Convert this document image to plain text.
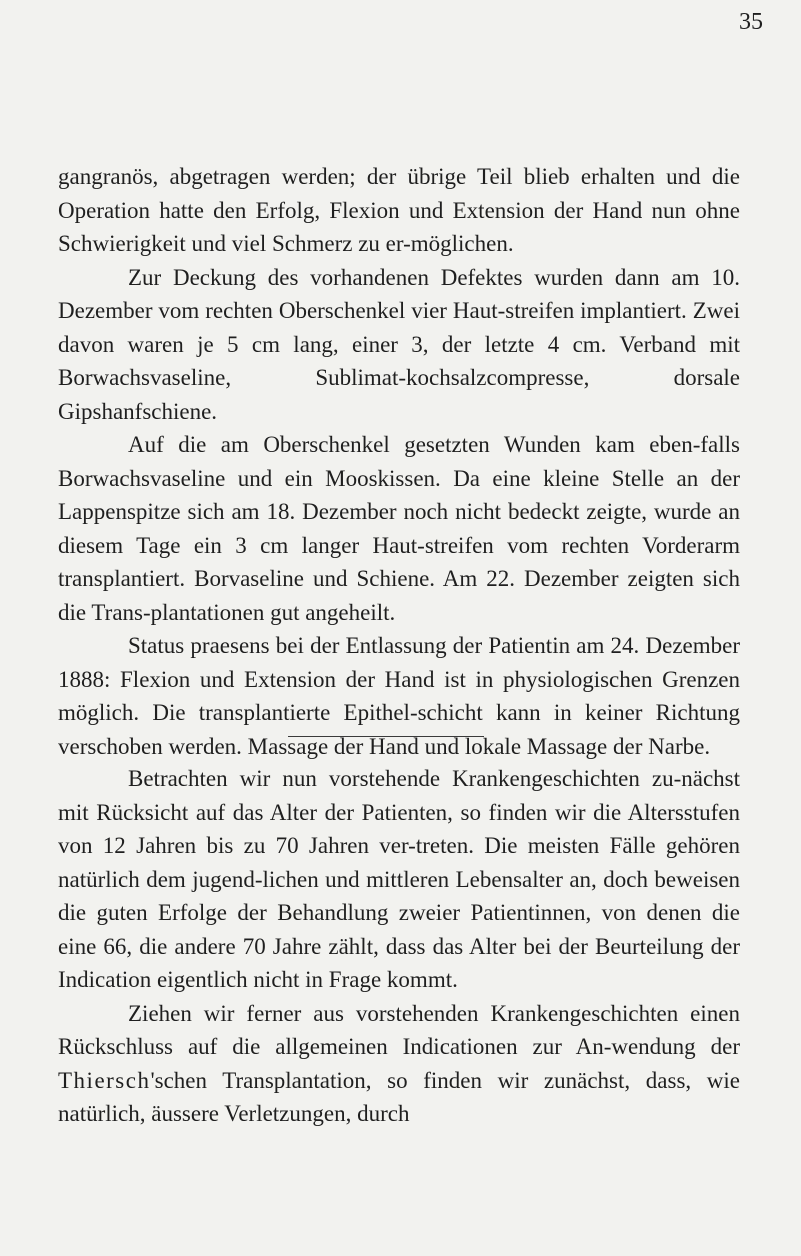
35

gangranös, abgetragen werden; der übrige Teil blieb erhalten und die Operation hatte den Erfolg, Flexion und Extension der Hand nun ohne Schwierigkeit und viel Schmerz zu er-möglichen.

Zur Deckung des vorhandenen Defektes wurden dann am 10. Dezember vom rechten Oberschenkel vier Haut-streifen implantiert. Zwei davon waren je 5 cm lang, einer 3, der letzte 4 cm. Verband mit Borwachsvaseline, Sublimat-kochsalzcompresse, dorsale Gipshanfschiene.

Auf die am Oberschenkel gesetzten Wunden kam eben-falls Borwachsvaseline und ein Mooskissen. Da eine kleine Stelle an der Lappenspitze sich am 18. Dezember noch nicht bedeckt zeigte, wurde an diesem Tage ein 3 cm langer Haut-streifen vom rechten Vorderarm transplantiert. Borvaseline und Schiene. Am 22. Dezember zeigten sich die Trans-plantationen gut angeheilt.

Status praesens bei der Entlassung der Patientin am 24. Dezember 1888: Flexion und Extension der Hand ist in physiologischen Grenzen möglich. Die transplantierte Epithel-schicht kann in keiner Richtung verschoben werden. Massage der Hand und lokale Massage der Narbe.

Betrachten wir nun vorstehende Krankengeschichten zu-nächst mit Rücksicht auf das Alter der Patienten, so finden wir die Altersstufen von 12 Jahren bis zu 70 Jahren ver-treten. Die meisten Fälle gehören natürlich dem jugend-lichen und mittleren Lebensalter an, doch beweisen die guten Erfolge der Behandlung zweier Patientinnen, von denen die eine 66, die andere 70 Jahre zählt, dass das Alter bei der Beurteilung der Indication eigentlich nicht in Frage kommt.

Ziehen wir ferner aus vorstehenden Krankengeschichten einen Rückschluss auf die allgemeinen Indicationen zur An-wendung der Thiersch'schen Transplantation, so finden wir zunächst, dass, wie natürlich, äussere Verletzungen, durch
